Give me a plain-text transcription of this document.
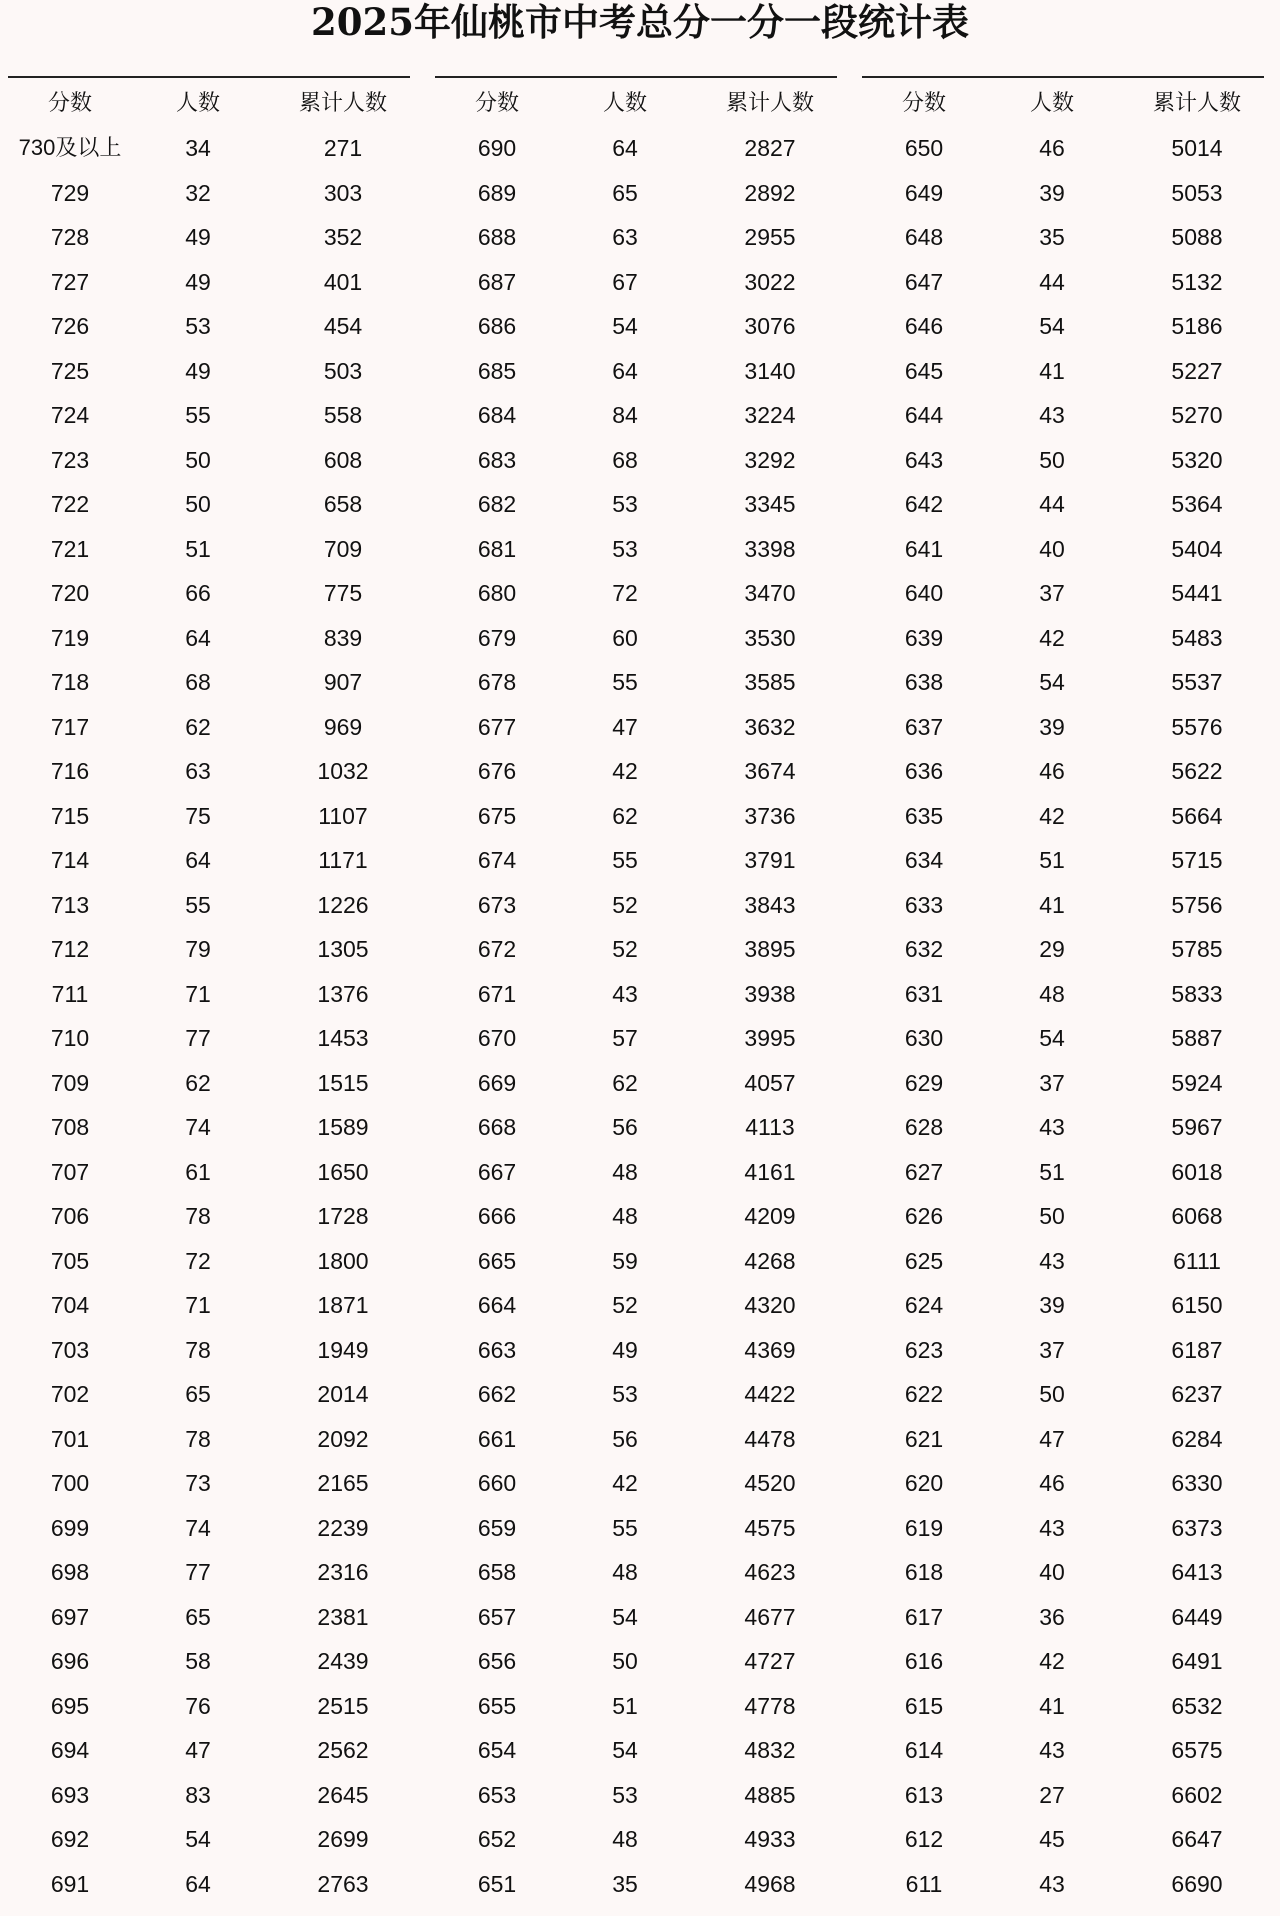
2025年仙桃市中考总分一分一段统计表
分数	人数	累计人数
730及以上	34	271
729	32	303
728	49	352
727	49	401
726	53	454
725	49	503
724	55	558
723	50	608
722	50	658
721	51	709
720	66	775
719	64	839
718	68	907
717	62	969
716	63	1032
715	75	1107
714	64	1171
713	55	1226
712	79	1305
711	71	1376
710	77	1453
709	62	1515
708	74	1589
707	61	1650
706	78	1728
705	72	1800
704	71	1871
703	78	1949
702	65	2014
701	78	2092
700	73	2165
699	74	2239
698	77	2316
697	65	2381
696	58	2439
695	76	2515
694	47	2562
693	83	2645
692	54	2699
691	64	2763
分数	人数	累计人数
690	64	2827
689	65	2892
688	63	2955
687	67	3022
686	54	3076
685	64	3140
684	84	3224
683	68	3292
682	53	3345
681	53	3398
680	72	3470
679	60	3530
678	55	3585
677	47	3632
676	42	3674
675	62	3736
674	55	3791
673	52	3843
672	52	3895
671	43	3938
670	57	3995
669	62	4057
668	56	4113
667	48	4161
666	48	4209
665	59	4268
664	52	4320
663	49	4369
662	53	4422
661	56	4478
660	42	4520
659	55	4575
658	48	4623
657	54	4677
656	50	4727
655	51	4778
654	54	4832
653	53	4885
652	48	4933
651	35	4968
分数	人数	累计人数
650	46	5014
649	39	5053
648	35	5088
647	44	5132
646	54	5186
645	41	5227
644	43	5270
643	50	5320
642	44	5364
641	40	5404
640	37	5441
639	42	5483
638	54	5537
637	39	5576
636	46	5622
635	42	5664
634	51	5715
633	41	5756
632	29	5785
631	48	5833
630	54	5887
629	37	5924
628	43	5967
627	51	6018
626	50	6068
625	43	6111
624	39	6150
623	37	6187
622	50	6237
621	47	6284
620	46	6330
619	43	6373
618	40	6413
617	36	6449
616	42	6491
615	41	6532
614	43	6575
613	27	6602
612	45	6647
611	43	6690
